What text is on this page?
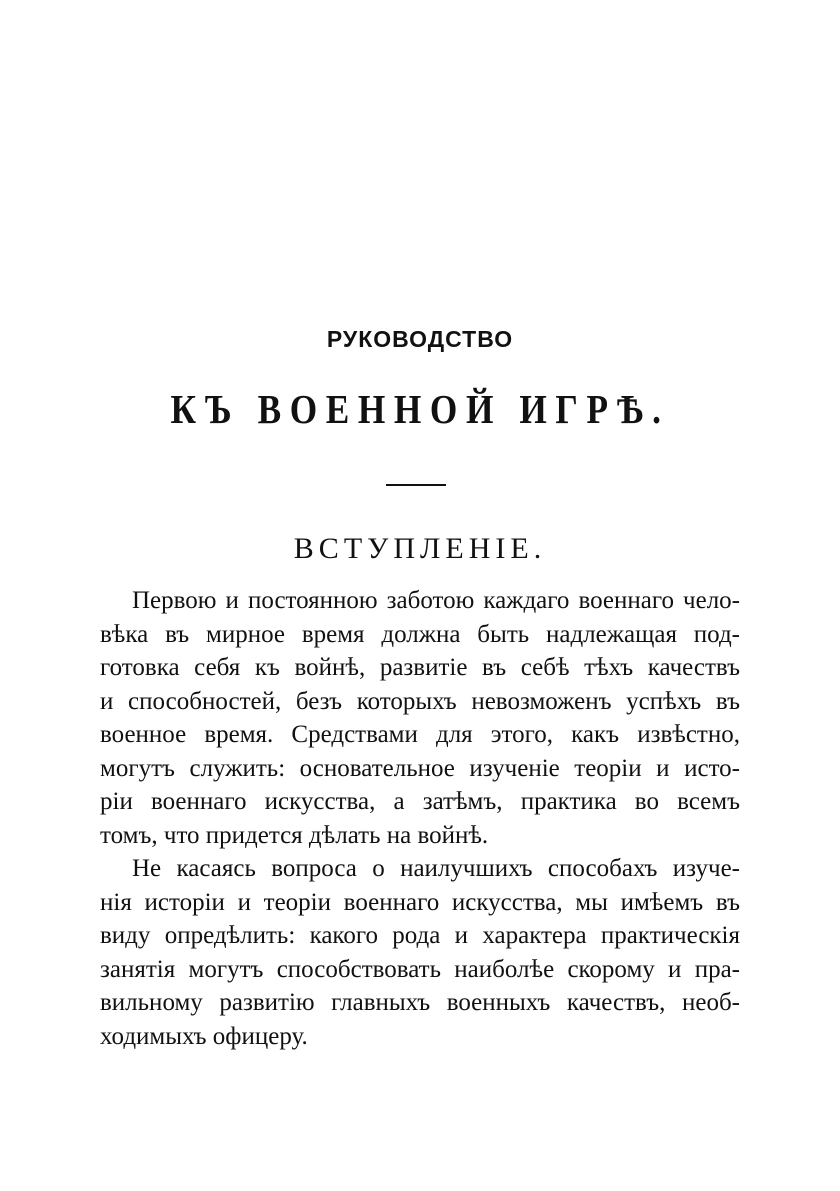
РУКОВОДСТВО
КЪ ВОЕННОЙ ИГРѢ.
ВСТУПЛЕНІЕ.
Первою и постоянною заботою каждаго военнаго чело-
вѣка въ мирное время должна быть надлежащая под-
готовка себя къ войнѣ, развитіе въ себѣ тѣхъ качествъ
и способностей, безъ которыхъ невозможенъ успѣхъ въ
военное время. Средствами для этого, какъ извѣстно,
могутъ служить: основательное изученіе теоріи и исто-
ріи военнаго искусства, а затѣмъ, практика во всемъ
томъ, что придется дѣлать на войнѣ.
Не касаясь вопроса о наилучшихъ способахъ изуче-
нія исторіи и теоріи военнаго искусства, мы имѣемъ въ
виду опредѣлить: какого рода и характера практическія
занятія могутъ способствовать наиболѣе скорому и пра-
вильному развитію главныхъ военныхъ качествъ, необ-
ходимыхъ офицеру.
